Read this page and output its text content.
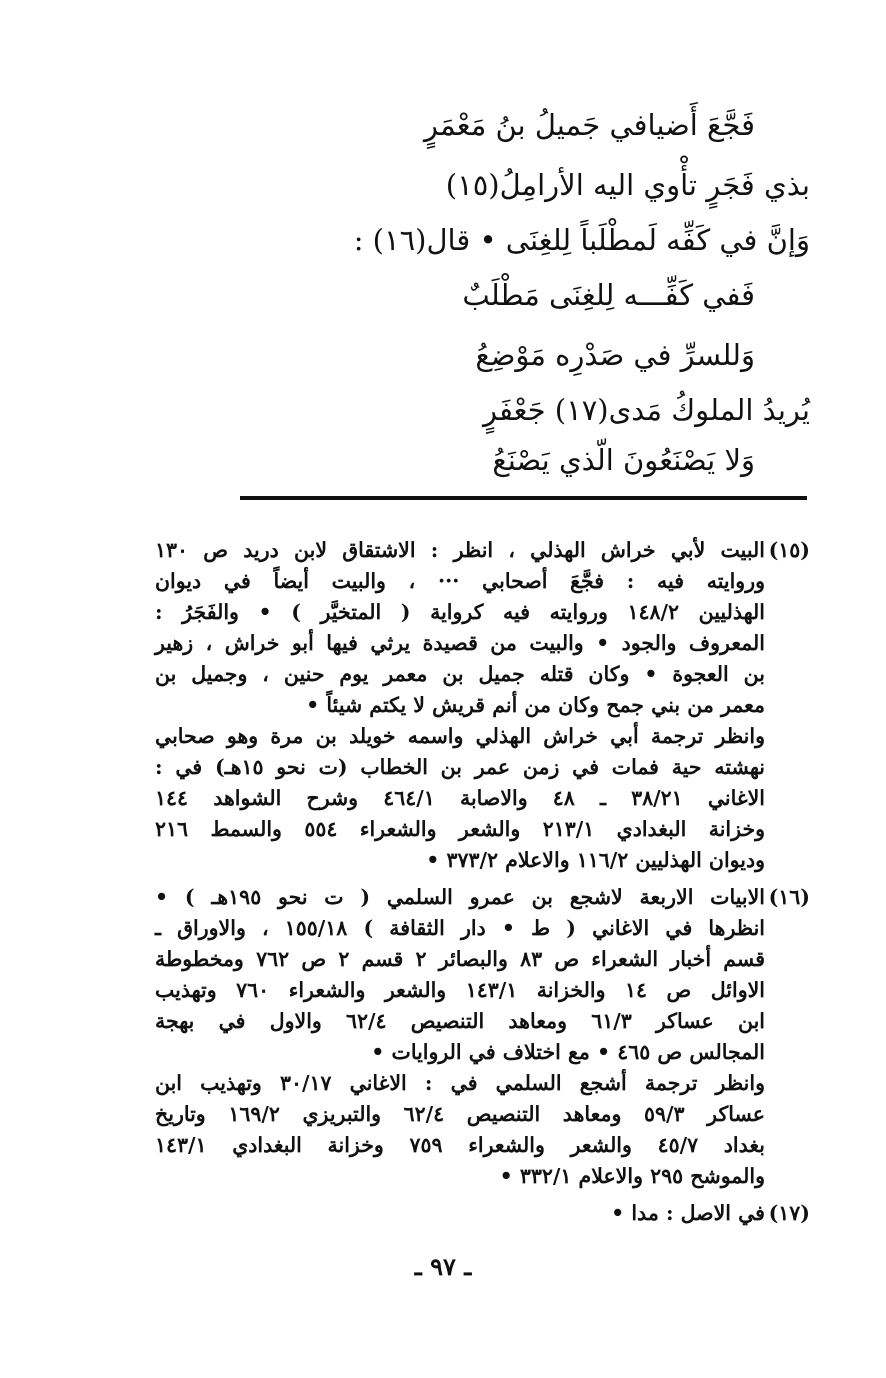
فَجَّعَ أَضيافي جَميلُ بنُ مَعْمَرٍ
بذي فَجَرٍ تأْوي اليه الأرامِلُ(١٥)
وَإنَّ في كَفِّه لَمطْلَباً لِلغِنَى • قال(١٦) :
فَفي كَفِّـــه لِلغِنَى مَطْلَبٌ
وَللسرِّ في صَدْرِه مَوْضِعُ
يُريدُ الملوكُ مَدى(١٧) جَعْفَرٍ
وَلا يَصْنَعُونَ الّذي يَصْنَعُ
(١٥)
البيت لأبي خراش الهذلي ، انظر : الاشتقاق لابن دريد ص ١٣٠
وروايته فيه : فجَّعَ أصحابي ··· ، والبيت أيضاً في ديوان
الهذليين ١٤٨/٢ وروايته فيه كرواية ( المتخيَّر ) • والفَجَرُ :
المعروف والجود • والبيت من قصيدة يرثي فيها أبو خراش ، زهير
بن العجوة • وكان قتله جميل بن معمر يوم حنين ، وجميل بن
معمر من بني جمح وكان من أنم قريش لا يكتم شيئاً •
وانظر ترجمة أبي خراش الهذلي واسمه خويلد بن مرة وهو صحابي
نهشته حية فمات في زمن عمر بن الخطاب (ت نحو ١٥هـ) في :
الاغاني ٣٨/٢١ ـ ٤٨ والاصابة ٤٦٤/١ وشرح الشواهد ١٤٤
وخزانة البغدادي ٢١٣/١ والشعر والشعراء ٥٥٤ والسمط ٢١٦
وديوان الهذليين ١١٦/٢ والاعلام ٣٧٣/٢ •
(١٦)
الابيات الاربعة لاشجع بن عمرو السلمي ( ت نحو ١٩٥هـ ) •
انظرها في الاغاني ( ط • دار الثقافة ) ١٥٥/١٨ ، والاوراق ـ
قسم أخبار الشعراء ص ٨٣ والبصائر ٢ قسم ٢ ص ٧٦٢ ومخطوطة
الاوائل ص ١٤ والخزانة ١٤٣/١ والشعر والشعراء ٧٦٠ وتهذيب
ابن عساكر ٦١/٣ ومعاهد التنصيص ٦٢/٤ والاول في بهجة
المجالس ص ٤٦٥ • مع اختلاف في الروايات •
وانظر ترجمة أشجع السلمي في : الاغاني ٣٠/١٧ وتهذيب ابن
عساكر ٥٩/٣ ومعاهد التنصيص ٦٢/٤ والتبريزي ١٦٩/٢ وتاريخ
بغداد ٤٥/٧ والشعر والشعراء ٧٥٩ وخزانة البغدادي ١٤٣/١
والموشح ٢٩٥ والاعلام ٣٣٢/١ •
(١٧)
في الاصل : مدا •
ـ ٩٧ ـ
